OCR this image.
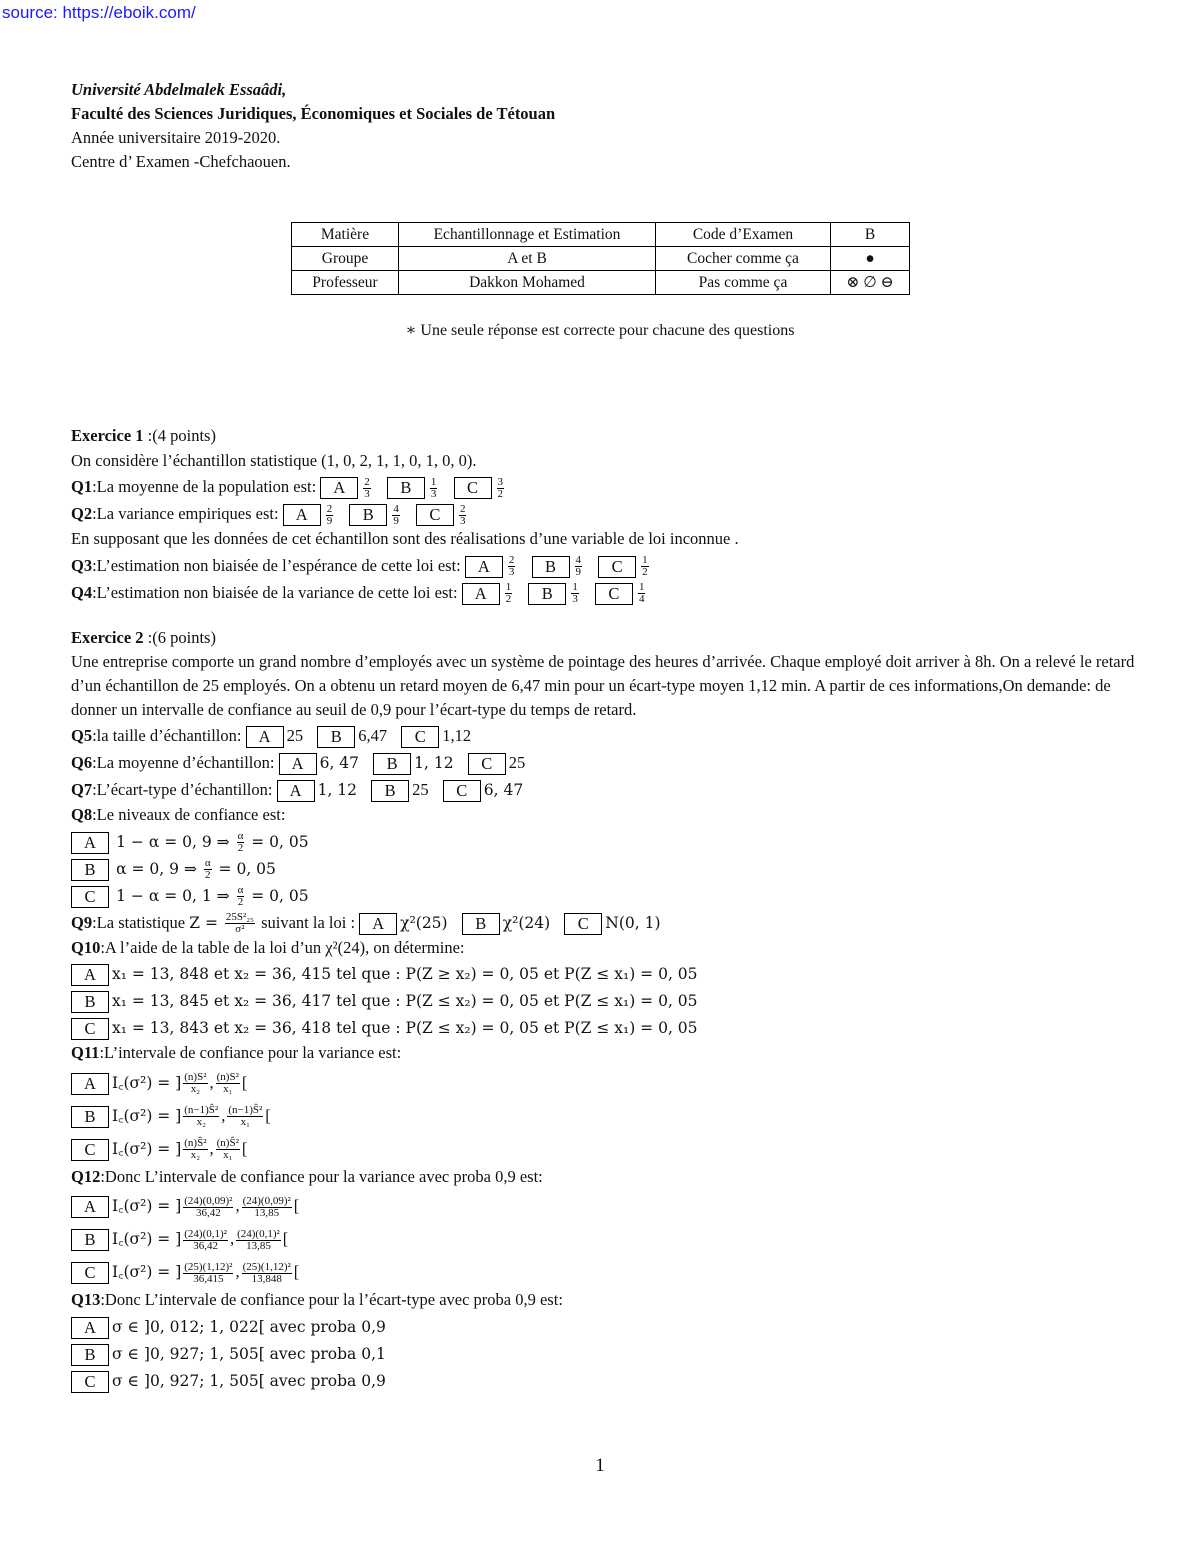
source: https://eboik.com/
Université Abdelmalek Essaâdi,
Faculté des Sciences Juridiques, Économiques et Sociales de Tétouan
Année universitaire 2019-2020.
Centre d’ Examen -Chefchaouen.
Matière	Echantillonnage et Estimation	Code d’Examen	B
Groupe	A et B	Cocher comme ça	●
Professeur	Dakkon Mohamed	Pas comme ça	⊗ ∅ ⊖
∗ Une seule réponse est correcte pour chacune des questions
Exercice 1 :(4 points)
On considère l’échantillon statistique (1, 0, 2, 1, 1, 0, 1, 0, 0).
Q1:La moyenne de la population est: A $\frac{2}{3}$ B $\frac{1}{3}$ C $\frac{3}{2}$
Q2:La variance empiriques est: A $\frac{2}{9}$ B $\frac{4}{9}$ C $\frac{2}{3}$
En supposant que les données de cet échantillon sont des réalisations d’une variable de loi inconnue .
Q3:L’estimation non biaisée de l’espérance de cette loi est: A $\frac{2}{3}$ B $\frac{4}{9}$ C $\frac{1}{2}$
Q4:L’estimation non biaisée de la variance de cette loi est: A $\frac{1}{2}$ B $\frac{1}{3}$ C $\frac{1}{4}$
Exercice 2 :(6 points)
Une entreprise comporte un grand nombre d’employés avec un système de pointage des heures d’arrivée. Chaque employé doit arriver à 8h. On a relevé le retard d’un échantillon de 25 employés. On a obtenu un retard moyen de 6,47 min pour un écart-type moyen 1,12 min. A partir de ces informations,On demande: de donner un intervalle de confiance au seuil de 0,9 pour l’écart-type du temps de retard.
Q5:la taille d’échantillon: A 25 B 6,47 C 1,12
Q6:La moyenne d’échantillon: A 6, 47 B 1, 12 C 25
Q7:L’écart-type d’échantillon: A 1, 12 B 25 C 6, 47
Q8:Le niveaux de confiance est:
A 1 − α = 0, 9 ⇒ $\frac{\alpha}{2} = 0$, 05
B α = 0, 9 ⇒ $\frac{\alpha}{2} = 0$, 05
C 1 − α = 0, 1 ⇒ $\frac{\alpha}{2} = 0$, 05
Q9:La statistique $Z = \frac{\text{25S²₂₅}}{\text{σ²}}$ suivant la loi : A χ²(25) B χ²(24) C N(0, 1)
Q10:A l’aide de la table de la loi d’un χ²(24), on détermine:
A x₁ = 13, 848 et x₂ = 36, 415 tel que : P(Z ≥ x₂) = 0, 05 et P(Z ≤ x₁) = 0, 05
B x₁ = 13, 845 et x₂ = 36, 417 tel que : P(Z ≤ x₂) = 0, 05 et P(Z ≤ x₁) = 0, 05
C x₁ = 13, 843 et x₂ = 36, 418 tel que : P(Z ≤ x₂) = 0, 05 et P(Z ≤ x₁) = 0, 05
Q11:L’intervale de confiance pour la variance est:
A I꜀(σ²) = ] $\frac{\text{(n)S²}}{\text{x₂}}$ , $\frac{\text{(n)S²}}{\text{x₁}}$ [
B I꜀(σ²) = ] $\frac{\text{(n−1)Ŝ²}}{\text{x₂}}$ , $\frac{\text{(n−1)Ŝ²}}{\text{x₁}}$ [
C I꜀(σ²) = ] $\frac{\text{(n)Ŝ²}}{\text{x₂}}$ , $\frac{\text{(n)Ŝ²}}{\text{x₁}}$ [
Q12:Donc L’intervale de confiance pour la variance avec proba 0,9 est:
A I꜀(σ²) = ] $\frac{\text{(24)(0,09)²}}{36,42}$ , $\frac{\text{(24)(0,09)²}}{13,85}$ [
B I꜀(σ²) = ] $\frac{\text{(24)(0,1)²}}{36,42}$ , $\frac{\text{(24)(0,1)²}}{13,85}$ [
C I꜀(σ²) = ] $\frac{\text{(25)(1,12)²}}{36,415}$ , $\frac{\text{(25)(1,12)²}}{13,848}$ [
Q13:Donc L’intervale de confiance pour la l’écart-type avec proba 0,9 est:
A σ ∈ ]0, 012; 1, 022[ avec proba 0,9
B σ ∈ ]0, 927; 1, 505[ avec proba 0,1
C σ ∈ ]0, 927; 1, 505[ avec proba 0,9
1
